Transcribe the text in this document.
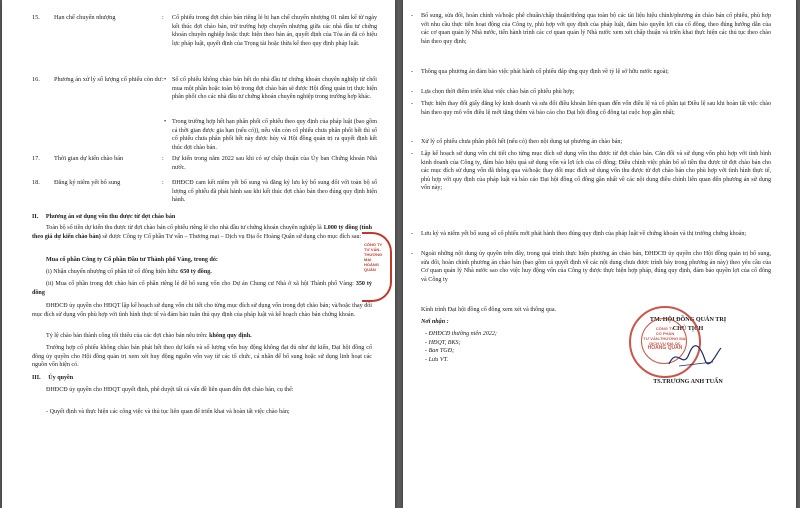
15.	Hạn chế chuyển nhượng	:	Cổ phiếu trong đợt chào bán riêng lẻ bị hạn chế chuyển nhượng 01 năm kể từ ngày kết thúc đợt chào bán, trừ trường hợp chuyển nhượng giữa các nhà đầu tư chứng khoán chuyên nghiệp hoặc thực hiện theo bản án, quyết định của Tòa án đã có hiệu lực pháp luật, quyết định của Trọng tài hoặc thừa kế theo quy định pháp luật.
16.	Phương án xử lý số lượng cổ phiếu còn dư : • Số cổ phiếu không chào bán hết do nhà đầu tư chứng khoán chuyên nghiệp từ chối mua một phần hoặc toàn bộ trong đợt chào bán sẽ được Hội đồng quản trị thực hiện phân phối cho các nhà đầu tư chứng khoán chuyên nghiệp trong trường hợp khác.
• Trong trường hợp hết hạn phân phối cổ phiếu theo quy định của pháp luật (bao gồm cả thời gian được gia hạn (nếu có)), nếu vẫn còn cổ phiếu chưa phân phối hết thì số cổ phiếu chưa phân phối hết này được hủy và Hội đồng quản trị ra quyết định kết thúc đợt chào bán.
17.	Thời gian dự kiến chào bán	:	Dự kiến trong năm 2022 sau khi có sự chấp thuận của Ủy ban Chứng khoán Nhà nước.
18.	Đăng ký niêm yết bổ sung	:	ĐHĐCĐ cam kết niêm yết bổ sung và đăng ký lưu ký bổ sung đối với toàn bộ số lượng cổ phiếu đã phát hành sau khi kết thúc đợt chào bán theo đúng quy định hiện hành.
II. Phương án sử dụng vốn thu được từ đợt chào bán

Toàn bộ số tiền dự kiến thu được từ đợt chào bán cổ phiếu riêng lẻ cho nhà đầu tư chứng khoán chuyên nghiệp là 1.000 tỷ đồng (tính theo giá dự kiến chào bán) sẽ được Công ty Cổ phần Tư vấn – Thương mại – Dịch vụ Địa ốc Hoàng Quân sử dụng cho mục đích sau:

Mua cổ phần Công ty Cổ phần Đầu tư Thành phố Vàng, trong đó:

(i) Nhận chuyển nhượng cổ phần từ cổ đông hiện hữu: 650 tỷ đồng.

(ii) Mua cổ phần trong đợt chào bán cổ phần riêng lẻ để bổ sung vốn cho Dự án Chung cư Nhà ở xã hội Thành phố Vàng: 350 tỷ đồng

ĐHĐCĐ ủy quyền cho HĐQT lập kế hoạch sử dụng vốn chi tiết cho từng mục đích sử dụng vốn trong đợt chào bán; và/hoặc thay đổi mục đích sử dụng vốn phù hợp với tình hình thực tế và đảm bảo tuân thủ quy định của pháp luật và kế hoạch chào bán chứng khoán.

Tỷ lệ chào bán thành công tối thiểu của các đợt chào bán nêu trên: không quy định.

Trường hợp cổ phiếu không chào bán phát hết theo dự kiến và số lượng vốn huy động không đạt đủ như dự kiến, Đại hội đồng cổ đông ủy quyền cho Hội đồng quản trị xem xét huy động nguồn vốn vay từ các tổ chức, cá nhân để bổ sung hoặc sử dụng linh hoạt các nguồn vốn hiện có.

III. Ủy quyền

ĐHĐCĐ ủy quyền cho HĐQT quyết định, phê duyệt tất cả vấn đề liên quan đến đợt chào bán, cụ thể:

- Quyết định và thực hiện các công việc và thủ tục liên quan để triển khai và hoàn tất việc chào bán;

CÔNG TY
TƯ VẤN-THƯƠNG MẠI
HOÀNG QUÂN
- Bổ sung, sửa đổi, hoàn chỉnh và/hoặc phê chuẩn/chấp thuận/thông qua toàn bộ các tài liệu hiệu chỉnh/phương án chào bán cổ phiếu, phù hợp với nhu cầu thực tiễn hoạt động của Công ty, phù hợp với quy định của pháp luật, đảm bảo quyền lợi của cổ đông, theo đúng hướng dẫn của các cơ quan quản lý Nhà nước, tiến hành trình các cơ quan quản lý Nhà nước xem xét chấp thuận và triển khai thực hiện các thủ tục theo chào bán theo quy định;
- Thông qua phương án đảm bảo việc phát hành cổ phiếu đáp ứng quy định về tỷ lệ sở hữu nước ngoài;
- Lựa chọn thời điểm triển khai việc chào bán cổ phiếu phù hợp;
- Thực hiện thay đổi giấy đăng ký kinh doanh và sửa đổi điều khoản liên quan đến vốn điều lệ và cổ phần tại Điều lệ sau khi hoàn tất việc chào bán theo quy mô vốn điều lệ mới tăng thêm và báo cáo cho Đại hội đồng cổ đông tại cuộc họp gần nhất;
- Xử lý cổ phiếu chưa phân phối hết (nếu có) theo nội dung tại phương án chào bán;
- Lập kế hoạch sử dụng vốn chi tiết cho từng mục đích sử dụng vốn thu được từ đợt chào bán. Căn đối và sử dụng vốn phù hợp với tình hình kinh doanh của Công ty, đảm bảo hiệu quả sử dụng vốn và lợi ích của cổ đông; Điều chỉnh việc phân bổ số tiền thu được từ đợt chào bán cho các mục đích sử dụng vốn đã thông qua và/hoặc thay đổi mục đích sử dụng vốn thu được từ đợt chào bán cho phù hợp với tình hình thực tế, phù hợp với quy định của pháp luật và báo cáo Đại hội đồng cổ đông gần nhất về các nội dung điều chỉnh liên quan đến phương án sử dụng vốn này;
- Lưu ký và niêm yết bổ sung số cổ phiếu mới phát hành theo đúng quy định của pháp luật về chứng khoán và thị trường chứng khoán;
- Ngoài những nội dung ủy quyền trên đây, trong quá trình thực hiện phương án chào bán, ĐHĐCĐ ủy quyền cho Hội đồng quản trị bổ sung, sửa đổi, hoàn chỉnh phương án chào bán (bao gồm cả quyết định về các nội dung chưa được trình bày trong phương án này) theo yêu cầu của Cơ quan quản lý Nhà nước sao cho việc huy động vốn của Công ty được thực hiện hợp pháp, đúng quy định, đảm bảo quyền lợi của cổ đông và Công ty

Kính trình Đại hội đồng cổ đông xem xét và thông qua.

Nơi nhận :
- ĐHĐCĐ thường niên 2022;
- HĐQT, BKS;
- Ban TGĐ;
- Lưu VT.
TM. HỘI ĐỒNG QUẢN TRỊ
CHỦ TỊCH
CÔNG TY
CỔ PHẦN
TƯ VẤN-THƯƠNG MẠI
DỊCH VỤ ĐỊA ỐC
HOÀNG QUÂN
TS.TRƯƠNG ANH TUẤN
